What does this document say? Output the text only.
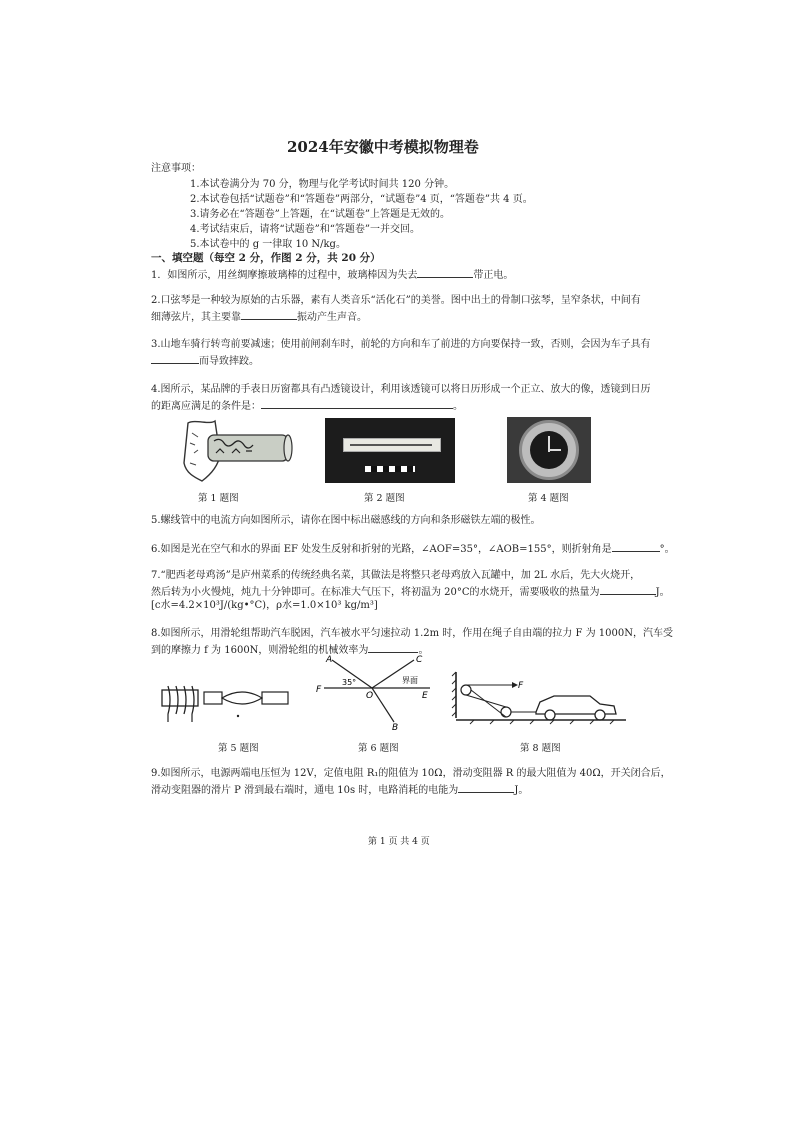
2024年安徽中考模拟物理卷
注意事项：
1.本试卷满分为 70 分，物理与化学考试时间共 120 分钟。
2.本试卷包括“试题卷”和“答题卷”两部分，“试题卷”4 页，“答题卷”共 4 页。
3.请务必在“答题卷”上答题，在“试题卷”上答题是无效的。
4.考试结束后，请将“试题卷”和“答题卷”一并交回。
5.本试卷中的 g 一律取 10 N/kg。
一、填空题（每空 2 分，作图 2 分，共 20 分）
1．如图所示，用丝绸摩擦玻璃棒的过程中，玻璃棒因为失去	带正电。
2.口弦琴是一种较为原始的古乐器，素有人类音乐“活化石”的美誉。图中出土的骨制口弦琴，呈窄条状，中间有
细薄弦片，其主要靠	振动产生声音。
3.山地车骑行转弯前要减速；使用前闸刹车时，前轮的方向和车了前进的方向要保持一致，否则，会因为车子具有
而导致摔跤。
4.图所示，某品牌的手表日历窗都具有凸透镜设计，利用该透镜可以将日历形成一个正立、放大的像，透镜到日历
的距离应满足的条件是：	。
第 1 题图	第 2 题图	第 4 题图
5.螺线管中的电流方向如图所示，请你在图中标出磁感线的方向和条形磁铁左端的极性。
6.如图是光在空气和水的界面 EF 处发生反射和折射的光路，∠AOF=35°，∠AOB=155°，则折射角是	°。
7.“肥西老母鸡汤”是庐州菜系的传统经典名菜，其做法是将整只老母鸡放入瓦罐中，加 2L 水后，先大火烧开，
然后转为小火慢炖，炖九十分钟即可。在标准大气压下，将初温为 20°C的水烧开，需要吸收的热量为	J。
[c水=4.2×10³J/(kg•°C)，ρ水=1.0×10³ kg/m³]
8.如图所示，用滑轮组帮助汽车脱困，汽车被水平匀速拉动 1.2m 时，作用在绳子自由端的拉力 F 为 1000N，汽车受
到的摩擦力 f 为 1600N，则滑轮组的机械效率为	。
第 5 题图
A	C
F
E
O
B
35°	界面
第 6 题图
F
第 8 题图
9.如图所示，电源两端电压恒为 12V，定值电阻 R₁的阻值为 10Ω，滑动变阻器 R 的最大阻值为 40Ω，开关闭合后，
滑动变阻器的滑片 P 滑到最右端时，通电 10s 时，电路消耗的电能为	J。
第 1 页 共 4 页
